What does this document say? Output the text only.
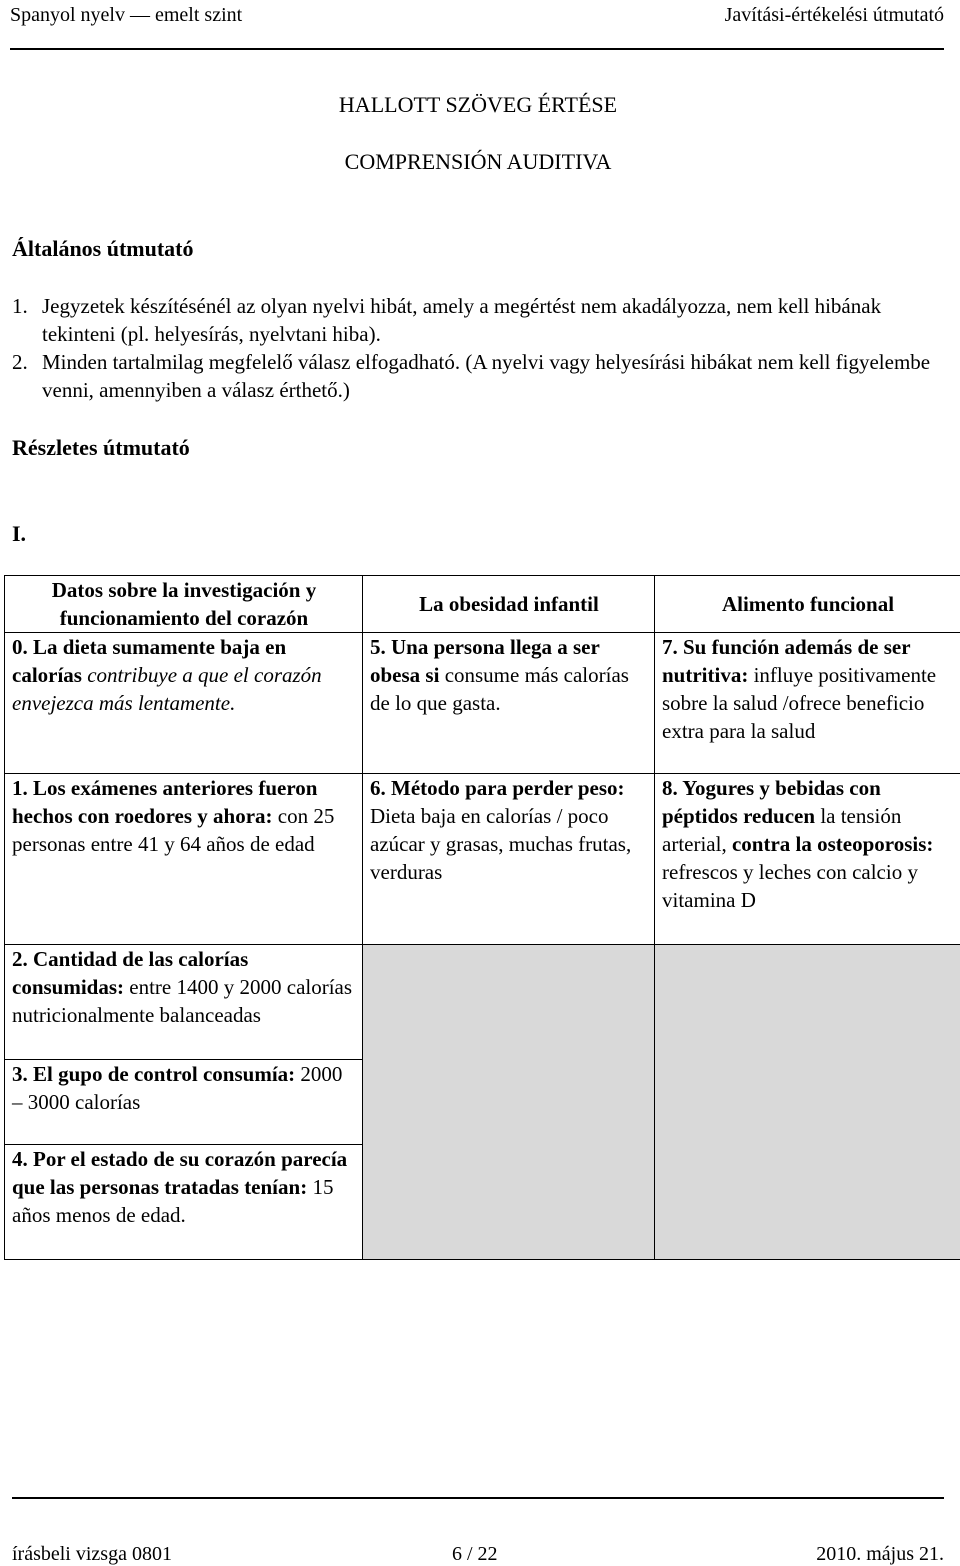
Spanyol nyelv — emelt szint	Javítási-értékelési útmutató
HALLOTT SZÖVEG ÉRTÉSE
COMPRENSIÓN AUDITIVA
Általános útmutató
1. Jegyzetek készítésénél az olyan nyelvi hibát, amely a megértést nem akadályozza, nem kell hibának tekinteni (pl. helyesírás, nyelvtani hiba).
2. Minden tartalmilag megfelelő válasz elfogadható. (A nyelvi vagy helyesírási hibákat nem kell figyelembe venni, amennyiben a válasz érthető.)
Részletes útmutató
I.
Datos sobre la investigación y funcionamiento del corazón	La obesidad infantil	Alimento funcional
0. La dieta sumamente baja en calorías contribuye a que el corazón envejezca más lentamente.	5. Una persona llega a ser obesa si consume más calorías de lo que gasta.	7. Su función además de ser nutritiva: influye positivamente sobre la salud /ofrece beneficio extra para la salud
1. Los exámenes anteriores fueron hechos con roedores y ahora: con 25 personas entre 41 y 64 años de edad	6. Método para perder peso: Dieta baja en calorías / poco azúcar y grasas, muchas frutas, verduras	8. Yogures y bebidas con péptidos reducen la tensión arterial, contra la osteoporosis: refrescos y leches con calcio y vitamina D
2. Cantidad de las calorías consumidas: entre 1400 y 2000 calorías nutricionalmente balanceadas		
3. El gupo de control consumía: 2000 – 3000 calorías		
4. Por el estado de su corazón parecía que las personas tratadas tenían: 15 años menos de edad.		
írásbeli vizsga 0801	6 / 22	2010. május 21.
